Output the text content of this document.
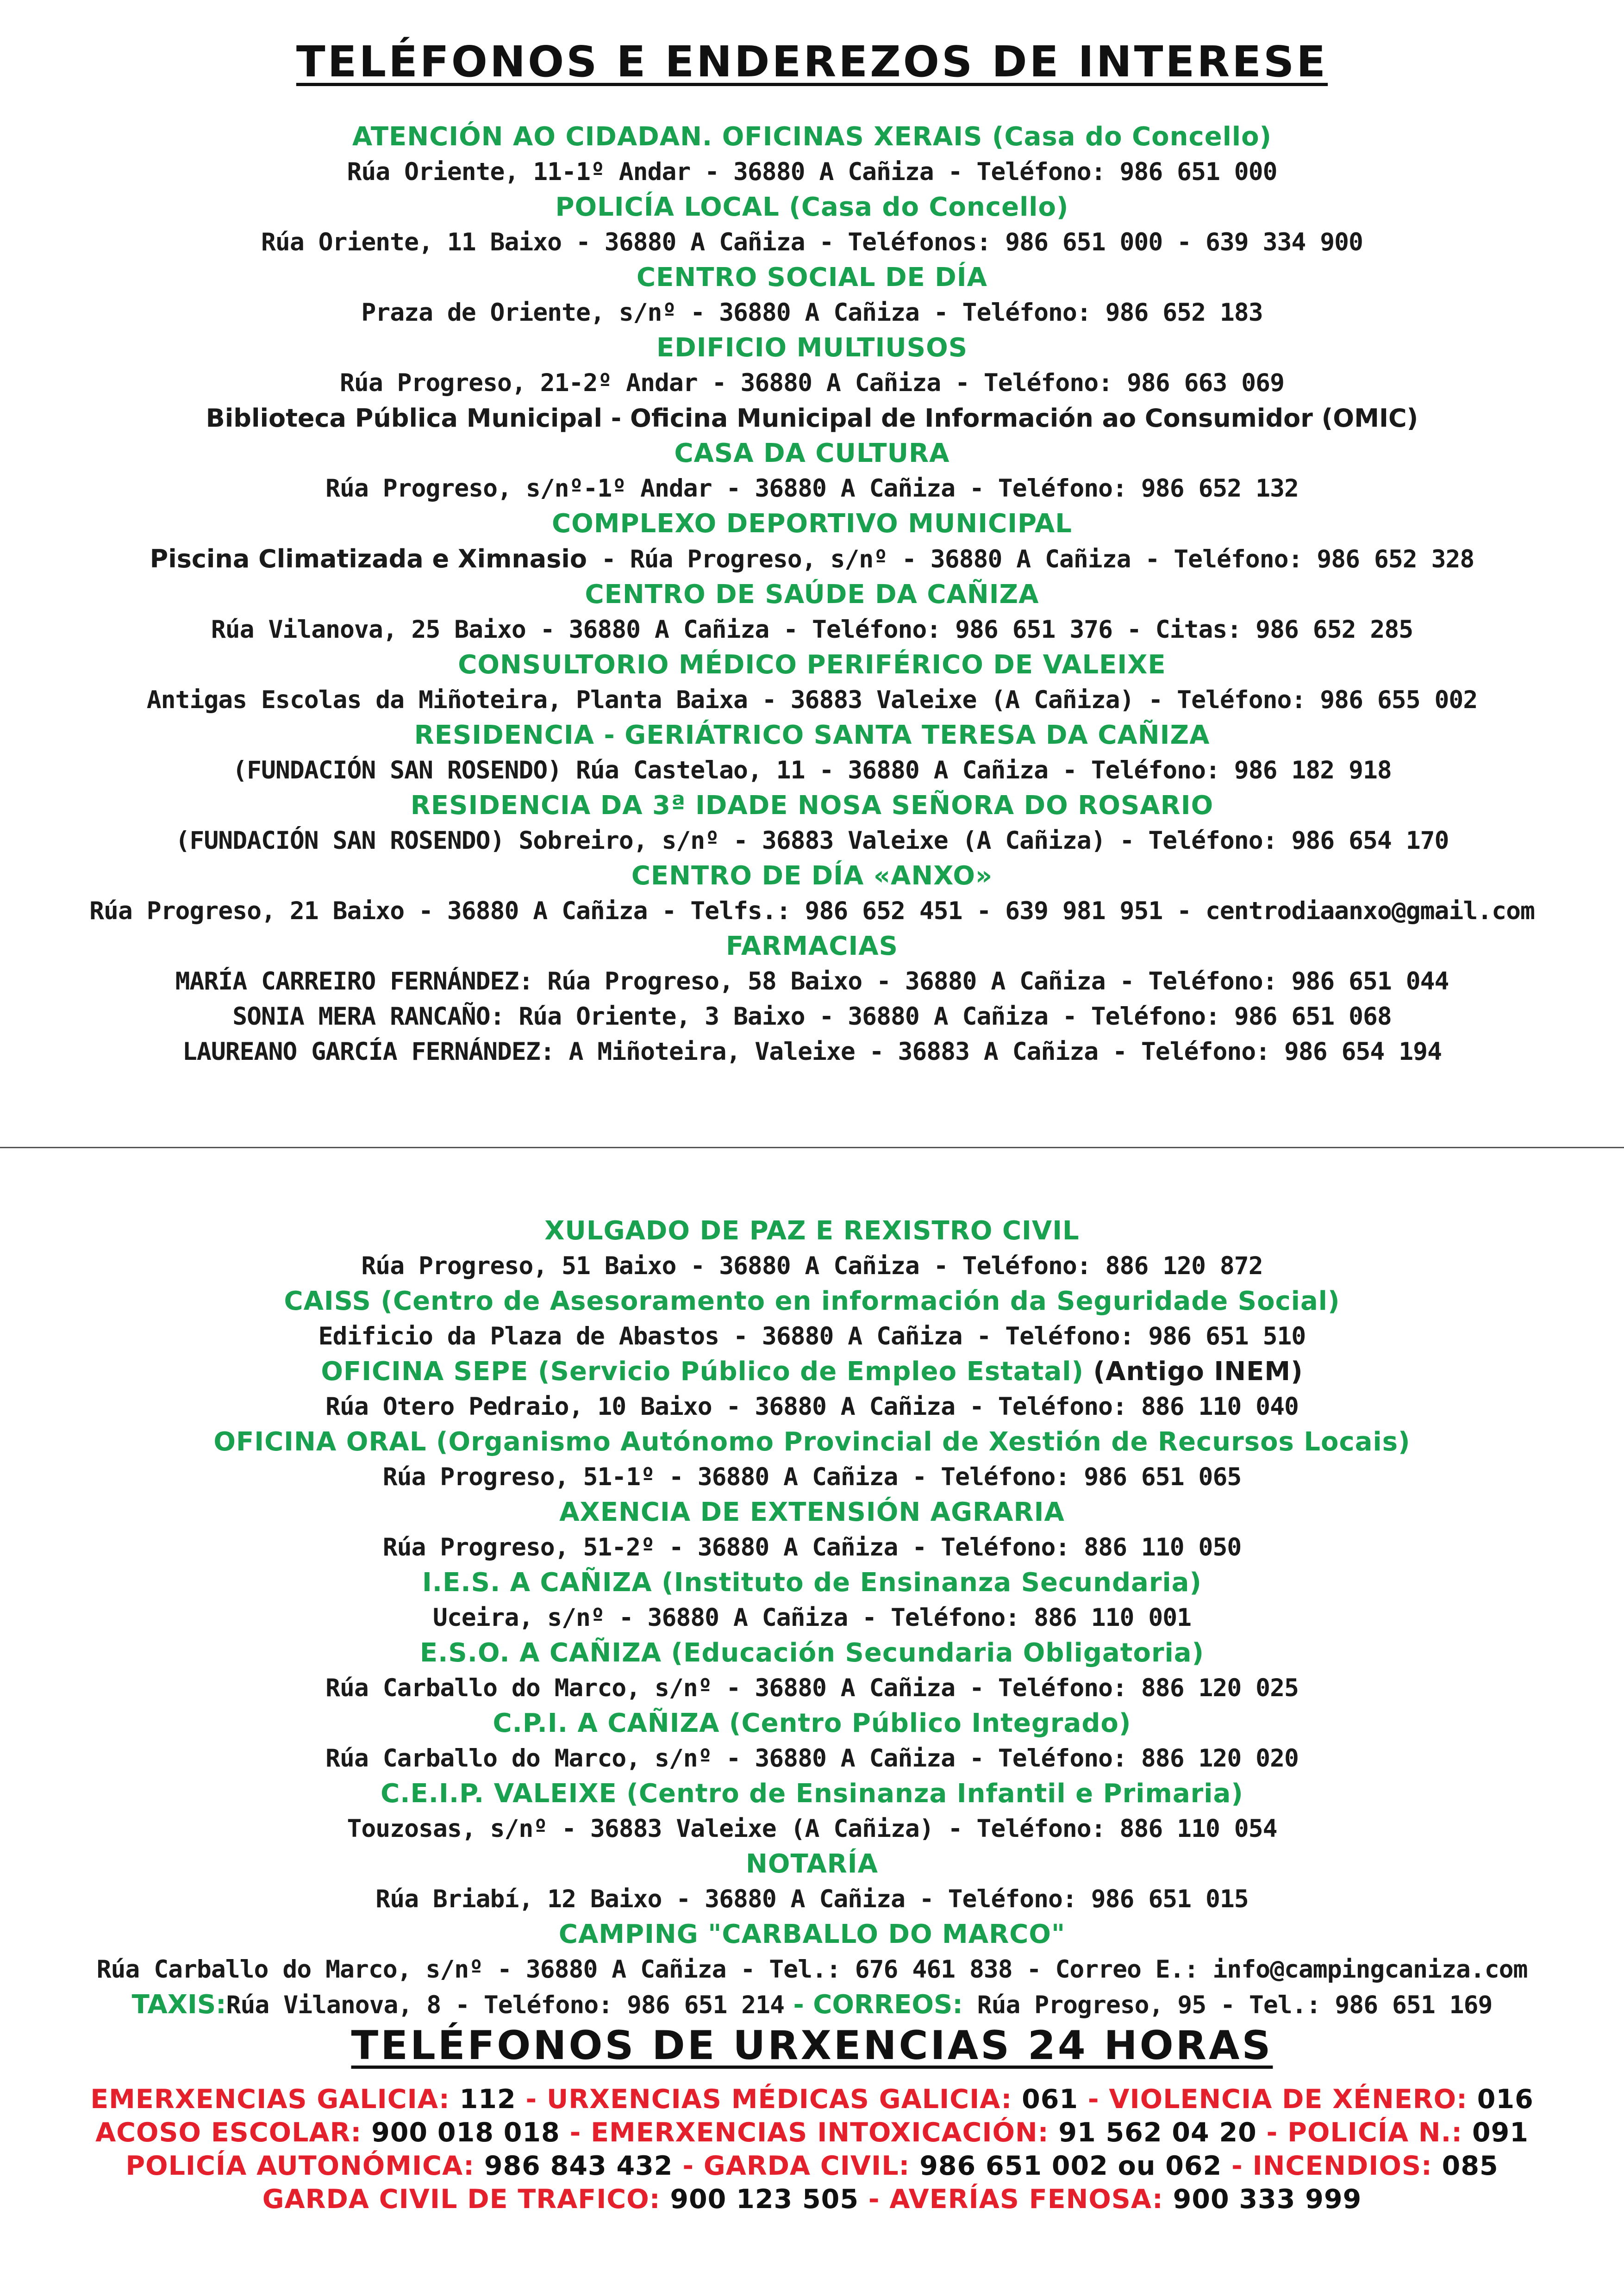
TELÉFONOS E ENDEREZOS DE INTERESE
ATENCIÓN AO CIDADAN. OFICINAS XERAIS (Casa do Concello)
Rúa Oriente, 11-1º Andar - 36880 A Cañiza - Teléfono: 986 651 000
POLICÍA LOCAL (Casa do Concello)
Rúa Oriente, 11 Baixo - 36880 A Cañiza - Teléfonos: 986 651 000 - 639 334 900
CENTRO SOCIAL DE DÍA
Praza de Oriente, s/nº - 36880 A Cañiza - Teléfono: 986 652 183
EDIFICIO MULTIUSOS
Rúa Progreso, 21-2º Andar - 36880 A Cañiza - Teléfono: 986 663 069
Biblioteca Pública Municipal - Oficina Municipal de Información ao Consumidor (OMIC)
CASA DA CULTURA
Rúa Progreso, s/nº-1º Andar - 36880 A Cañiza - Teléfono: 986 652 132
COMPLEXO DEPORTIVO MUNICIPAL
Piscina Climatizada e Ximnasio - Rúa Progreso, s/nº - 36880 A Cañiza - Teléfono: 986 652 328
CENTRO DE SAÚDE DA CAÑIZA
Rúa Vilanova, 25 Baixo - 36880 A Cañiza - Teléfono: 986 651 376 - Citas: 986 652 285
CONSULTORIO MÉDICO PERIFÉRICO DE VALEIXE
Antigas Escolas da Miñoteira, Planta Baixa - 36883 Valeixe (A Cañiza) - Teléfono: 986 655 002
RESIDENCIA - GERIÁTRICO SANTA TERESA DA CAÑIZA
(FUNDACIÓN SAN ROSENDO) Rúa Castelao, 11 - 36880 A Cañiza - Teléfono: 986 182 918
RESIDENCIA DA 3ª IDADE NOSA SEÑORA DO ROSARIO
(FUNDACIÓN SAN ROSENDO) Sobreiro, s/nº - 36883 Valeixe (A Cañiza) - Teléfono: 986 654 170
CENTRO DE DÍA «ANXO»
Rúa Progreso, 21 Baixo - 36880 A Cañiza - Telfs.: 986 652 451 - 639 981 951 - centrodiaanxo@gmail.com
FARMACIAS
MARÍA CARREIRO FERNÁNDEZ: Rúa Progreso, 58 Baixo - 36880 A Cañiza - Teléfono: 986 651 044
SONIA MERA RANCAÑO: Rúa Oriente, 3 Baixo - 36880 A Cañiza - Teléfono: 986 651 068
LAUREANO GARCÍA FERNÁNDEZ: A Miñoteira, Valeixe - 36883 A Cañiza - Teléfono: 986 654 194
XULGADO DE PAZ E REXISTRO CIVIL
Rúa Progreso, 51 Baixo - 36880 A Cañiza - Teléfono: 886 120 872
CAISS (Centro de Asesoramento en información da Seguridade Social)
Edificio da Plaza de Abastos - 36880 A Cañiza - Teléfono: 986 651 510
OFICINA SEPE (Servicio Público de Empleo Estatal) (Antigo INEM)
Rúa Otero Pedraio, 10 Baixo - 36880 A Cañiza - Teléfono: 886 110 040
OFICINA ORAL (Organismo Autónomo Provincial de Xestión de Recursos Locais)
Rúa Progreso, 51-1º - 36880 A Cañiza - Teléfono: 986 651 065
AXENCIA DE EXTENSIÓN AGRARIA
Rúa Progreso, 51-2º - 36880 A Cañiza - Teléfono: 886 110 050
I.E.S. A CAÑIZA (Instituto de Ensinanza Secundaria)
Uceira, s/nº - 36880 A Cañiza - Teléfono: 886 110 001
E.S.O. A CAÑIZA (Educación Secundaria Obligatoria)
Rúa Carballo do Marco, s/nº - 36880 A Cañiza - Teléfono: 886 120 025
C.P.I. A CAÑIZA (Centro Público Integrado)
Rúa Carballo do Marco, s/nº - 36880 A Cañiza - Teléfono: 886 120 020
C.E.I.P. VALEIXE (Centro de Ensinanza Infantil e Primaria)
Touzosas, s/nº - 36883 Valeixe (A Cañiza) - Teléfono: 886 110 054
NOTARÍA
Rúa Briabí, 12 Baixo - 36880 A Cañiza - Teléfono: 986 651 015
CAMPING "CARBALLO DO MARCO"
Rúa Carballo do Marco, s/nº - 36880 A Cañiza - Tel.: 676 461 838 - Correo E.: info@campingcaniza.com
TAXIS:Rúa Vilanova, 8 - Teléfono: 986 651 214 - CORREOS: Rúa Progreso, 95 - Tel.: 986 651 169
TELÉFONOS DE URXENCIAS 24 HORAS
EMERXENCIAS GALICIA: 112 - URXENCIAS MÉDICAS GALICIA: 061 - VIOLENCIA DE XÉNERO: 016
ACOSO ESCOLAR: 900 018 018 - EMERXENCIAS INTOXICACIÓN: 91 562 04 20 - POLICÍA N.: 091
POLICÍA AUTONÓMICA: 986 843 432 - GARDA CIVIL: 986 651 002 ou 062 - INCENDIOS: 085
GARDA CIVIL DE TRAFICO: 900 123 505 - AVERÍAS FENOSA: 900 333 999
